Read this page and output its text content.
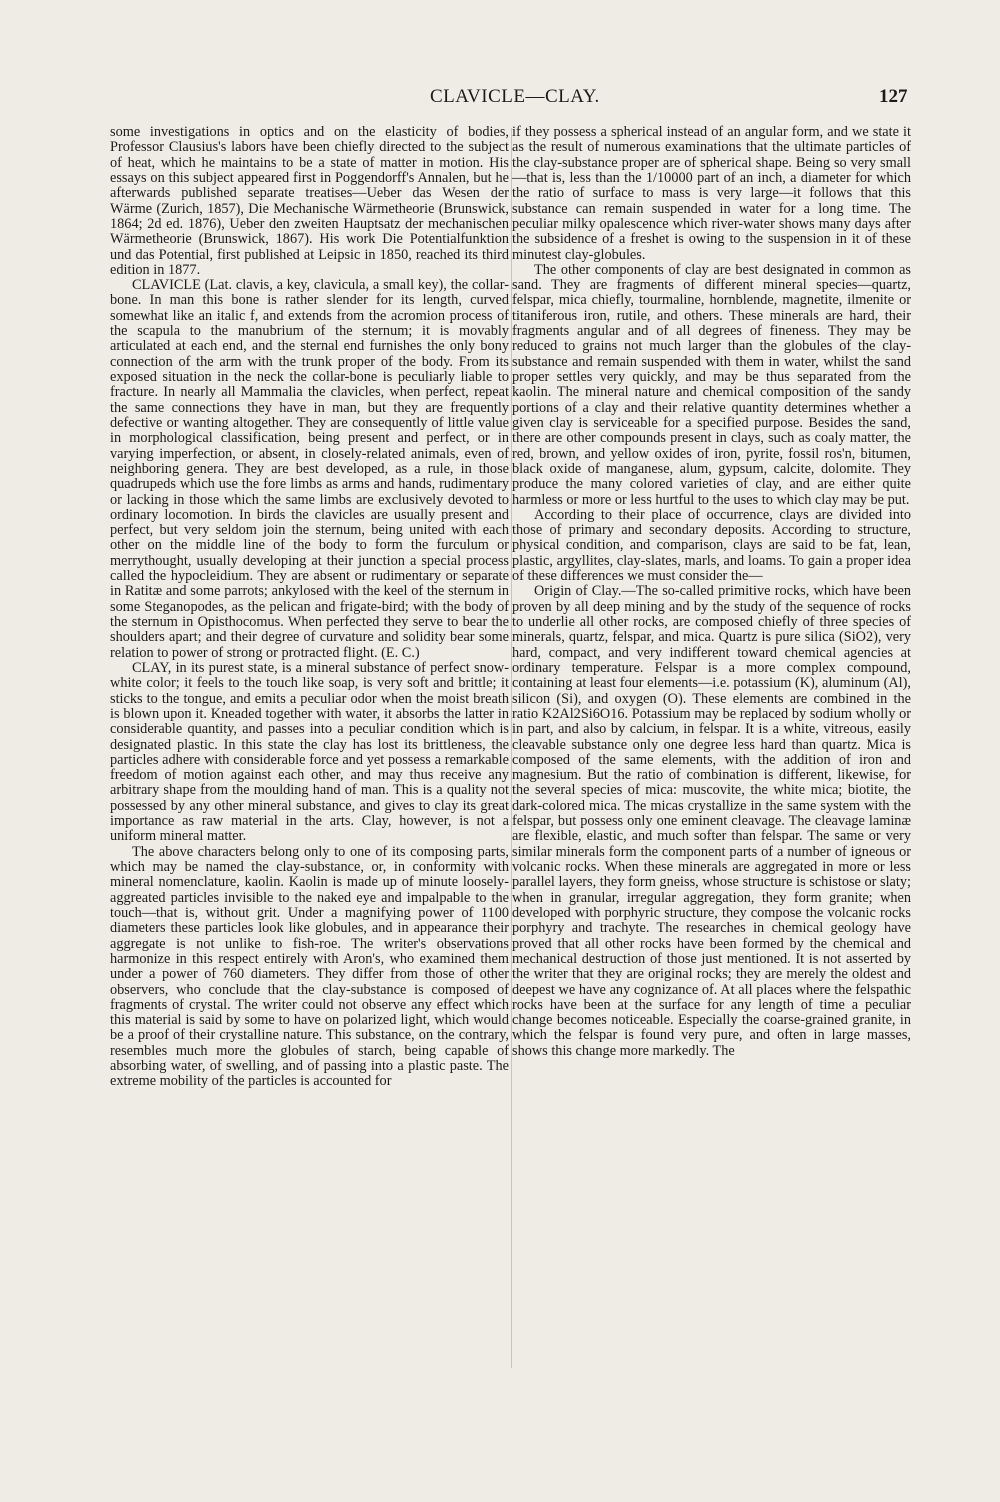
CLAVICLE—CLAY.	127

some investigations in optics and on the elasticity of bodies, Professor Clausius's labors have been chiefly directed to the subject of heat, which he maintains to be a state of matter in motion. His essays on this subject appeared first in Poggendorff's Annalen, but he afterwards published separate treatises—Ueber das Wesen der Wärme (Zurich, 1857), Die Mechanische Wärmetheorie (Brunswick, 1864; 2d ed. 1876), Ueber den zweiten Hauptsatz der mechanischen Wärmetheorie (Brunswick, 1867). His work Die Potentialfunktion und das Potential, first published at Leipsic in 1850, reached its third edition in 1877.

CLAVICLE (Lat. clavis, a key, clavicula, a small key), the collar-bone. In man this bone is rather slender for its length, curved somewhat like an italic f, and extends from the acromion process of the scapula to the manubrium of the sternum; it is movably articulated at each end, and the sternal end furnishes the only bony connection of the arm with the trunk proper of the body. From its exposed situation in the neck the collar-bone is peculiarly liable to fracture. In nearly all Mammalia the clavicles, when perfect, repeat the same connections they have in man, but they are frequently defective or wanting altogether. They are consequently of little value in morphological classification, being present and perfect, or in varying imperfection, or absent, in closely-related animals, even of neighboring genera. They are best developed, as a rule, in those quadrupeds which use the fore limbs as arms and hands, rudimentary or lacking in those which the same limbs are exclusively devoted to ordinary locomotion. In birds the clavicles are usually present and perfect, but very seldom join the sternum, being united with each other on the middle line of the body to form the furculum or merrythought, usually developing at their junction a special process called the hypocleidium. They are absent or rudimentary or separate in Ratitæ and some parrots; ankylosed with the keel of the sternum in some Steganopodes, as the pelican and frigate-bird; with the body of the sternum in Opisthocomus. When perfected they serve to bear the shoulders apart; and their degree of curvature and solidity bear some relation to power of strong or protracted flight. (E. C.)

CLAY, in its purest state, is a mineral substance of perfect snow-white color; it feels to the touch like soap, is very soft and brittle; it sticks to the tongue, and emits a peculiar odor when the moist breath is blown upon it. Kneaded together with water, it absorbs the latter in considerable quantity, and passes into a peculiar condition which is designated plastic. In this state the clay has lost its brittleness, the particles adhere with considerable force and yet possess a remarkable freedom of motion against each other, and may thus receive any arbitrary shape from the moulding hand of man. This is a quality not possessed by any other mineral substance, and gives to clay its great importance as raw material in the arts. Clay, however, is not a uniform mineral matter.

The above characters belong only to one of its composing parts, which may be named the clay-substance, or, in conformity with mineral nomenclature, kaolin. Kaolin is made up of minute loosely-aggreated particles invisible to the naked eye and impalpable to the touch—that is, without grit. Under a magnifying power of 1100 diameters these particles look like globules, and in appearance their aggregate is not unlike to fish-roe. The writer's observations harmonize in this respect entirely with Aron's, who examined them under a power of 760 diameters. They differ from those of other observers, who conclude that the clay-substance is composed of fragments of crystal. The writer could not observe any effect which this material is said by some to have on polarized light, which would be a proof of their crystalline nature. This substance, on the contrary, resembles much more the globules of starch, being capable of absorbing water, of swelling, and of passing into a plastic paste. The extreme mobility of the particles is accounted for

if they possess a spherical instead of an angular form, and we state it as the result of numerous examinations that the ultimate particles of the clay-substance proper are of spherical shape. Being so very small—that is, less than the 1/10000 part of an inch, a diameter for which the ratio of surface to mass is very large—it follows that this substance can remain suspended in water for a long time. The peculiar milky opalescence which river-water shows many days after the subsidence of a freshet is owing to the suspension in it of these minutest clay-globules.

The other components of clay are best designated in common as sand. They are fragments of different mineral species—quartz, felspar, mica chiefly, tourmaline, hornblende, magnetite, ilmenite or titaniferous iron, rutile, and others. These minerals are hard, their fragments angular and of all degrees of fineness. They may be reduced to grains not much larger than the globules of the clay-substance and remain suspended with them in water, whilst the sand proper settles very quickly, and may be thus separated from the kaolin. The mineral nature and chemical composition of the sandy portions of a clay and their relative quantity determines whether a given clay is serviceable for a specified purpose. Besides the sand, there are other compounds present in clays, such as coaly matter, the red, brown, and yellow oxides of iron, pyrite, fossil ros'n, bitumen, black oxide of manganese, alum, gypsum, calcite, dolomite. They produce the many colored varieties of clay, and are either quite harmless or more or less hurtful to the uses to which clay may be put.

According to their place of occurrence, clays are divided into those of primary and secondary deposits. According to structure, physical condition, and comparison, clays are said to be fat, lean, plastic, argyllites, clay-slates, marls, and loams. To gain a proper idea of these differences we must consider the—

Origin of Clay.—The so-called primitive rocks, which have been proven by all deep mining and by the study of the sequence of rocks to underlie all other rocks, are composed chiefly of three species of minerals, quartz, felspar, and mica. Quartz is pure silica (SiO2), very hard, compact, and very indifferent toward chemical agencies at ordinary temperature. Felspar is a more complex compound, containing at least four elements—i.e. potassium (K), aluminum (Al), silicon (Si), and oxygen (O). These elements are combined in the ratio K2Al2Si6O16. Potassium may be replaced by sodium wholly or in part, and also by calcium, in felspar. It is a white, vitreous, easily cleavable substance only one degree less hard than quartz. Mica is composed of the same elements, with the addition of iron and magnesium. But the ratio of combination is different, likewise, for the several species of mica: muscovite, the white mica; biotite, the dark-colored mica. The micas crystallize in the same system with the felspar, but possess only one eminent cleavage. The cleavage laminæ are flexible, elastic, and much softer than felspar. The same or very similar minerals form the component parts of a number of igneous or volcanic rocks. When these minerals are aggregated in more or less parallel layers, they form gneiss, whose structure is schistose or slaty; when in granular, irregular aggregation, they form granite; when developed with porphyric structure, they compose the volcanic rocks porphyry and trachyte. The researches in chemical geology have proved that all other rocks have been formed by the chemical and mechanical destruction of those just mentioned. It is not asserted by the writer that they are original rocks; they are merely the oldest and deepest we have any cognizance of. At all places where the felspathic rocks have been at the surface for any length of time a peculiar change becomes noticeable. Especially the coarse-grained granite, in which the felspar is found very pure, and often in large masses, shows this change more markedly. The
